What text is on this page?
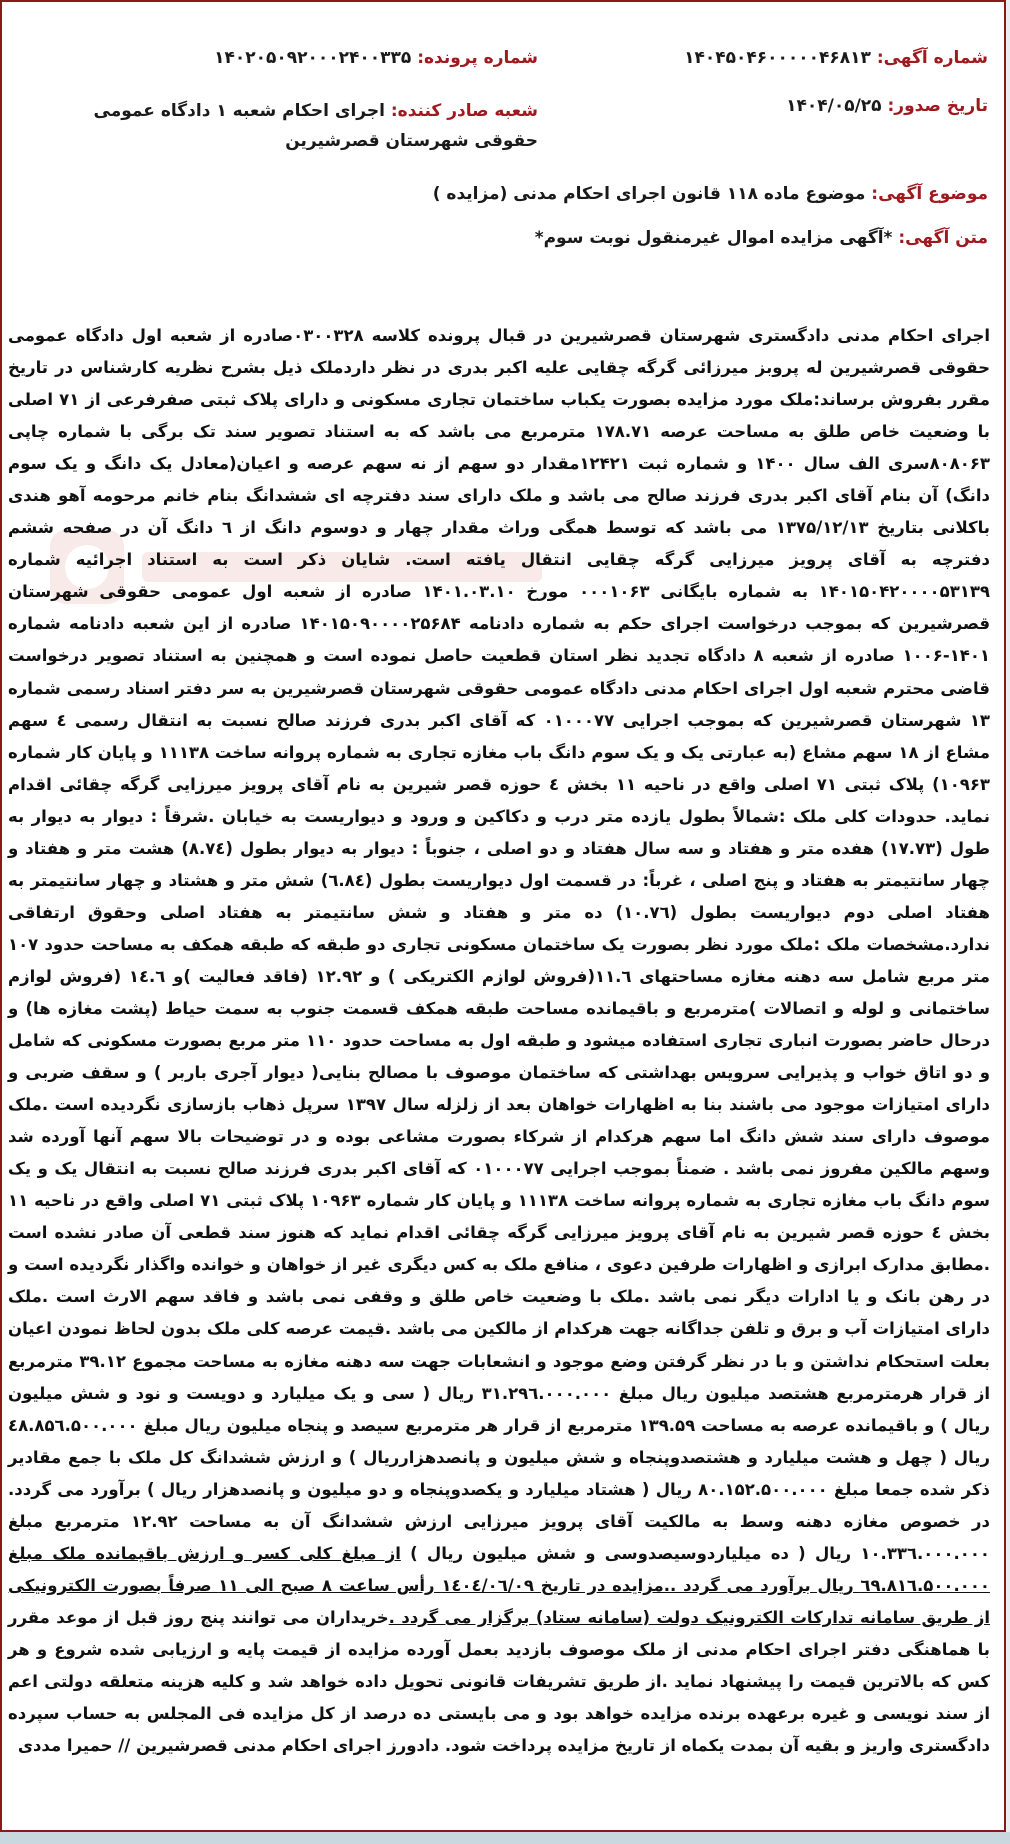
شماره آگهی: ۱۴۰۴۵۰۴۶۰۰۰۰۰۴۶۸۱۳
شماره پرونده: ۱۴۰۲۰۵۰۹۲۰۰۰۲۴۰۰۳۳۵
تاریخ صدور: ۱۴۰۴/۰۵/۲۵
شعبه صادر کننده: اجرای احکام شعبه ۱ دادگاه عمومی حقوقی شهرستان قصرشیرین
موضوع آگهی: موضوع ماده ۱۱۸ قانون اجرای احکام مدنی (مزایده )
متن آگهی: *آگهی مزایده اموال غیرمنقول نوبت سوم*
اجرای احکام مدنی دادگستری شهرستان قصرشیرین در قبال پرونده کلاسه ۰۳۰۰۳۲۸صادره از شعبه اول دادگاه عمومی حقوقی قصرشیرین له پروبز میرزائی گرگه چقایی علیه اکبر بدری در نظر داردملک ذیل بشرح نظریه کارشناس در تاریخ مقرر بفروش برساند:ملک مورد مزایده بصورت یکباب ساختمان تجاری مسکونی و دارای پلاک ثبتی صفرفرعی از ۷۱ اصلی با وضعیت خاص طلق به مساحت عرصه ۱۷۸.۷۱ مترمربع می باشد که به استناد تصویر سند تک برگی با شماره چاپی ۸۰۸۰۶۳سری الف سال ۱۴۰۰ و شماره ثبت ۱۲۴۲۱مقدار دو سهم از نه سهم عرصه و اعیان(معادل یک دانگ و یک سوم دانگ) آن بنام آقای اکبر بدری فرزند صالح می باشد و ملک دارای سند دفترچه ای ششدانگ بنام خانم مرحومه آهو هندی باکلانی بتاریخ ۱۳۷۵/۱۲/۱۳ می باشد که توسط همگی وراث مقدار چهار و دوسوم دانگ از ٦ دانگ آن در صفحه ششم دفترچه به آقای پرویز میرزایی گرگه چقایی انتقال یافته است. شایان ذکر است به استناد اجرائیه شماره ۱۴۰۱۵۰۴۲۰۰۰۰۵۳۱۳۹ به شماره بایگانی ۰۰۰۱۰۶۳ مورخ ۱۴۰۱.۰۳.۱۰ صادره از شعبه اول عمومی حقوقی شهرستان قصرشیرین که بموجب درخواست اجرای حکم به شماره دادنامه ۱۴۰۱۵۰۹۰۰۰۰۲۵۶۸۴ صادره از این شعبه دادنامه شماره ۱۴۰۱-۱۰۰۶ صادره از شعبه ۸ دادگاه تجدید نظر استان قطعیت حاصل نموده است و همچنین به استناد تصویر درخواست قاضی محترم شعبه اول اجرای احکام مدنی دادگاه عمومی حقوقی شهرستان قصرشیرین به سر دفتر اسناد رسمی شماره ۱۳ شهرستان قصرشیرین که بموجب اجرایی ۰۱۰۰۰۷۷ که آقای اکبر بدری فرزند صالح نسبت به انتقال رسمی ٤ سهم مشاع از ۱۸ سهم مشاع (به عبارتی یک و یک سوم دانگ باب مغازه تجاری به شماره پروانه ساخت ۱۱۱۳۸ و پایان کار شماره ۱۰۹۶۳) پلاک ثبتی ۷۱ اصلی واقع در ناحیه ۱۱ بخش ٤ حوزه قصر شیرین به نام آقای پرویز میرزایی گرگه چقائی اقدام نماید. حدودات کلی ملک :شمالاً بطول یازده متر درب و دکاکین و ورود و دیواریست به خیابان .شرقاً : دیوار به دیوار به طول (۱۷.۷۳) هفده متر و هفتاد و سه سال هفتاد و دو اصلی ، جنوباً : دیوار به دیوار بطول (۸.۷٤) هشت متر و هفتاد و چهار سانتیمتر به هفتاد و پنج اصلی ، غرباً: در قسمت اول دیواریست بطول (٦.۸٤) شش متر و هشتاد و چهار سانتیمتر به هفتاد اصلی دوم دیواریست بطول (۱۰.۷٦) ده متر و هفتاد و شش سانتیمتر به هفتاد اصلی وحقوق ارتفاقی ندارد.مشخصات ملک :ملک مورد نظر بصورت یک ساختمان مسکونی تجاری دو طبقه که طبقه همکف به مساحت حدود ۱۰۷ متر مربع شامل سه دهنه مغازه مساحتهای ۱۱.٦(فروش لوازم الکتریکی ) و ۱۲.۹۲ (فاقد فعالیت )و ۱٤.٦ (فروش لوازم ساختمانی و لوله و اتصالات )مترمربع و باقیمانده مساحت طبقه همکف قسمت جنوب به سمت حیاط (پشت مغازه ها) و درحال حاضر بصورت انباری تجاری استفاده میشود و طبقه اول به مساحت حدود ۱۱۰ متر مربع بصورت مسکونی که شامل و دو اتاق خواب و پذیرایی سرویس بهداشتی که ساختمان موصوف با مصالح بنایی( دیوار آجری باربر ) و سقف ضربی و دارای امتیازات موجود می باشند بنا به اظهارات خواهان بعد از زلزله سال ۱۳۹۷ سرپل ذهاب بازسازی نگردیده است .ملک موصوف دارای سند شش دانگ اما سهم هرکدام از شرکاء بصورت مشاعی بوده و در توضیحات بالا سهم آنها آورده شد وسهم مالکین مفروز نمی باشد . ضمناً بموجب اجرایی ۰۱۰۰۰۷۷ که آقای اکبر بدری فرزند صالح نسبت به انتقال یک و یک سوم دانگ باب مغازه تجاری به شماره پروانه ساخت ۱۱۱۳۸ و پایان کار شماره ۱۰۹۶۳ پلاک ثبتی ۷۱ اصلی واقع در ناحیه ۱۱ بخش ٤ حوزه قصر شیرین به نام آقای پرویز میرزایی گرگه چقائی اقدام نماید که هنوز سند قطعی آن صادر نشده است .مطابق مدارک ابرازی و اظهارات طرفین دعوی ، منافع ملک به کس دیگری غیر از خواهان و خوانده واگذار نگردیده است و در رهن بانک و یا ادارات دیگر نمی باشد .ملک با وضعیت خاص طلق و وقفی نمی باشد و فاقد سهم الارث است .ملک دارای امتیازات آب و برق و تلفن جداگانه جهت هرکدام از مالکین می باشد .قیمت عرصه کلی ملک بدون لحاظ نمودن اعیان بعلت استحکام نداشتن و با در نظر گرفتن وضع موجود و انشعابات جهت سه دهنه مغازه به مساحت مجموع ۳۹.۱۲ مترمربع از قرار هرمترمربع هشتصد میلیون ریال مبلغ ۳۱.۲۹٦.۰۰۰.۰۰۰ ریال ( سی و یک میلیارد و دویست و نود و شش میلیون ریال ) و باقیمانده عرصه به مساحت ۱۳۹.۵۹ مترمربع از قرار هر مترمربع سیصد و پنجاه میلیون ریال مبلغ ٤۸.۸۵٦.۵۰۰.۰۰۰ ریال ( چهل و هشت میلیارد و هشتصدوپنجاه و شش میلیون و پانصدهزارریال ) و ارزش ششدانگ کل ملک با جمع مقادیر ذکر شده جمعا مبلغ ۸۰.۱۵۲.۵۰۰.۰۰۰ ریال ( هشتاد میلیارد و یکصدوپنجاه و دو میلیون و پانصدهزار ریال ) برآورد می گردد. در خصوص مغازه دهنه وسط به مالکیت آقای پرویز میرزایی ارزش ششدانگ آن به مساحت ۱۲.۹۲ مترمربع مبلغ ۱۰.۳۳٦.۰۰۰.۰۰۰ ریال ( ده میلیاردوسیصدوسی و شش میلیون ریال ) از مبلغ کلی کسر و ارزش باقیمانده ملک مبلغ ٦۹.۸۱٦.۵۰۰.۰۰۰ ریال برآورد می گردد ..مزایده در تاریخ ۱٤۰٤/۰٦/۰۹ رأس ساعت ۸ صبح الی ۱۱ صرفاً بصورت الکترونیکی از طریق سامانه تدارکات الکترونیک دولت (سامانه ستاد) برگزار می گردد .خریداران می توانند پنج روز قبل از موعد مقرر با هماهنگی دفتر اجرای احکام مدنی از ملک موصوف بازدید بعمل آورده مزایده از قیمت پایه و ارزیابی شده شروع و هر کس که بالاترین قیمت را پیشنهاد نماید .از طریق تشریفات قانونی تحویل داده خواهد شد و کلیه هزینه متعلقه دولتی اعم از سند نویسی و غیره برعهده برنده مزایده خواهد بود و می بایستی ده درصد از کل مزایده فی المجلس به حساب سپرده دادگستری واریز و بقیه آن بمدت یکماه از تاریخ مزایده پرداخت شود. دادورز اجرای احکام مدنی قصرشیرین // حمیرا مددی
